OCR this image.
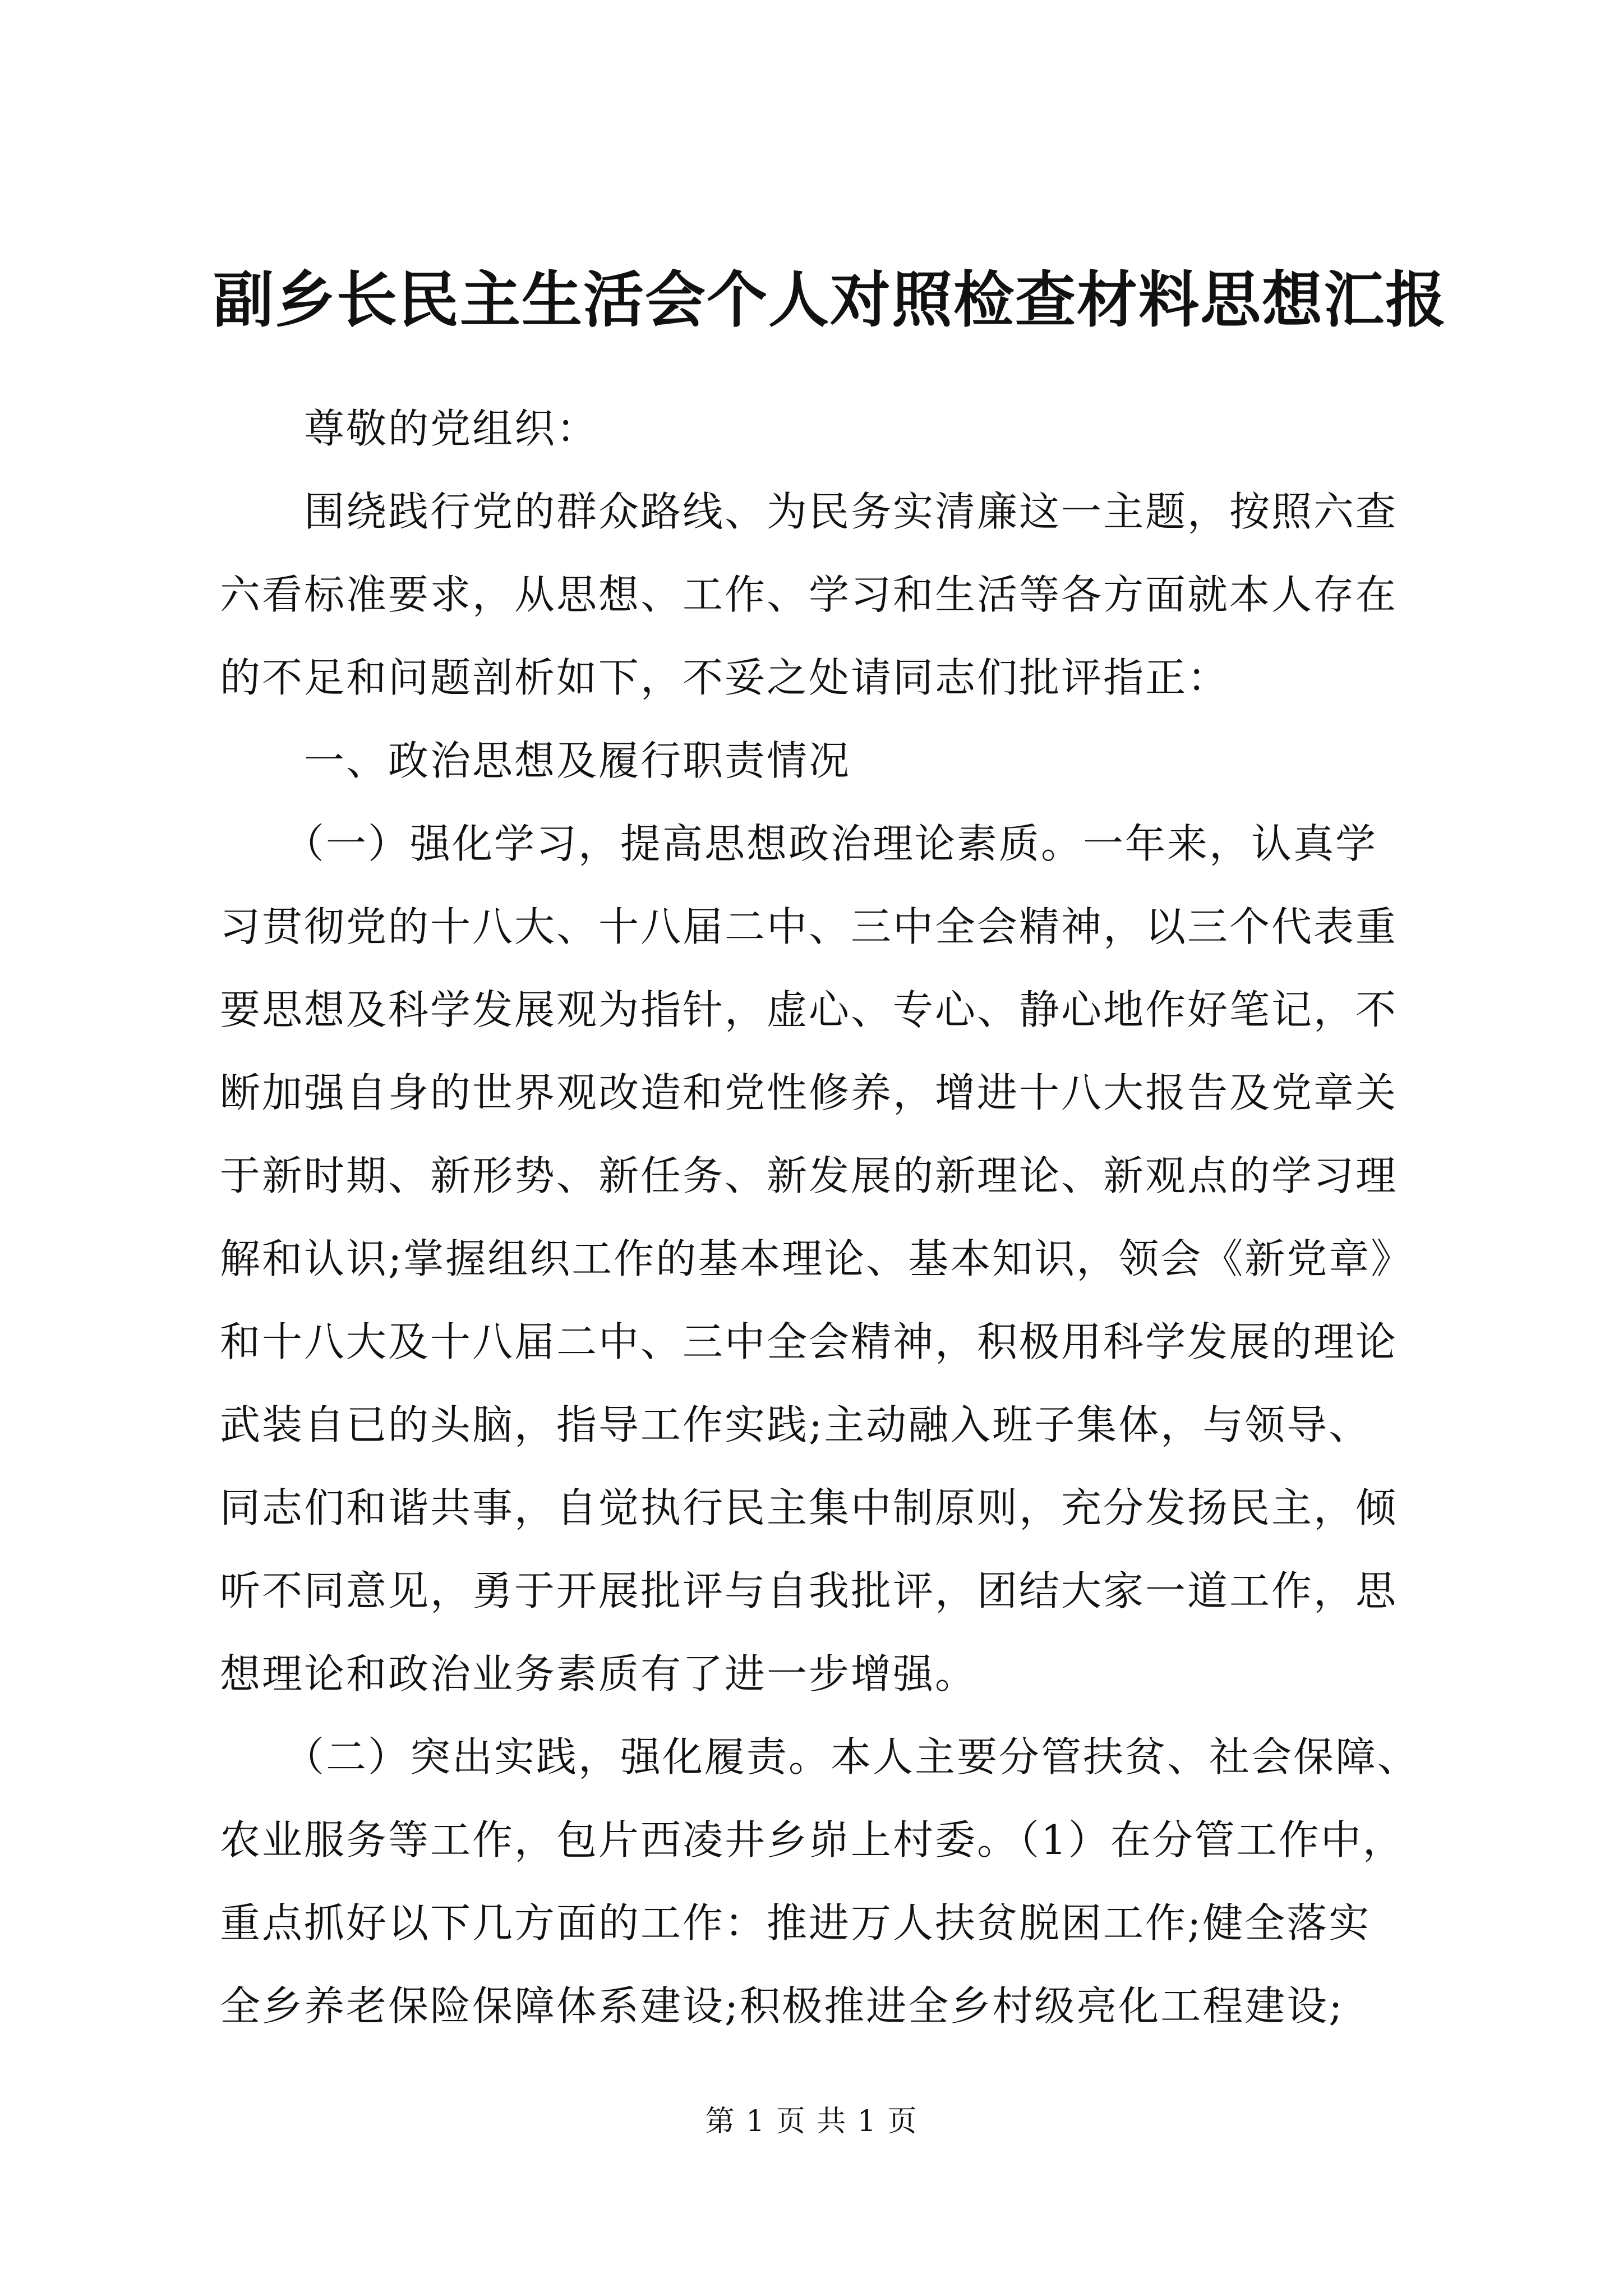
副乡长民主生活会个人对照检查材料思想汇报
　　尊敬的党组织：
　　围绕践行党的群众路线、为民务实清廉这一主题，按照六查
六看标准要求，从思想、工作、学习和生活等各方面就本人存在
的不足和问题剖析如下，不妥之处请同志们批评指正：
　　一、政治思想及履行职责情况
　　（一）强化学习，提高思想政治理论素质。一年来，认真学
习贯彻党的十八大、十八届二中、三中全会精神，以三个代表重
要思想及科学发展观为指针，虚心、专心、静心地作好笔记，不
断加强自身的世界观改造和党性修养，增进十八大报告及党章关
于新时期、新形势、新任务、新发展的新理论、新观点的学习理
解和认识;掌握组织工作的基本理论、基本知识，领会《新党章》
和十八大及十八届二中、三中全会精神，积极用科学发展的理论
武装自已的头脑，指导工作实践;主动融入班子集体，与领导、
同志们和谐共事，自觉执行民主集中制原则，充分发扬民主，倾
听不同意见，勇于开展批评与自我批评，团结大家一道工作，思
想理论和政治业务素质有了进一步增强。
　　（二）突出实践，强化履责。本人主要分管扶贫、社会保障、
农业服务等工作，包片西凌井乡峁上村委。（1）在分管工作中，
重点抓好以下几方面的工作：推进万人扶贫脱困工作;健全落实
全乡养老保险保障体系建设;积极推进全乡村级亮化工程建设;
第 1 页 共 1 页
